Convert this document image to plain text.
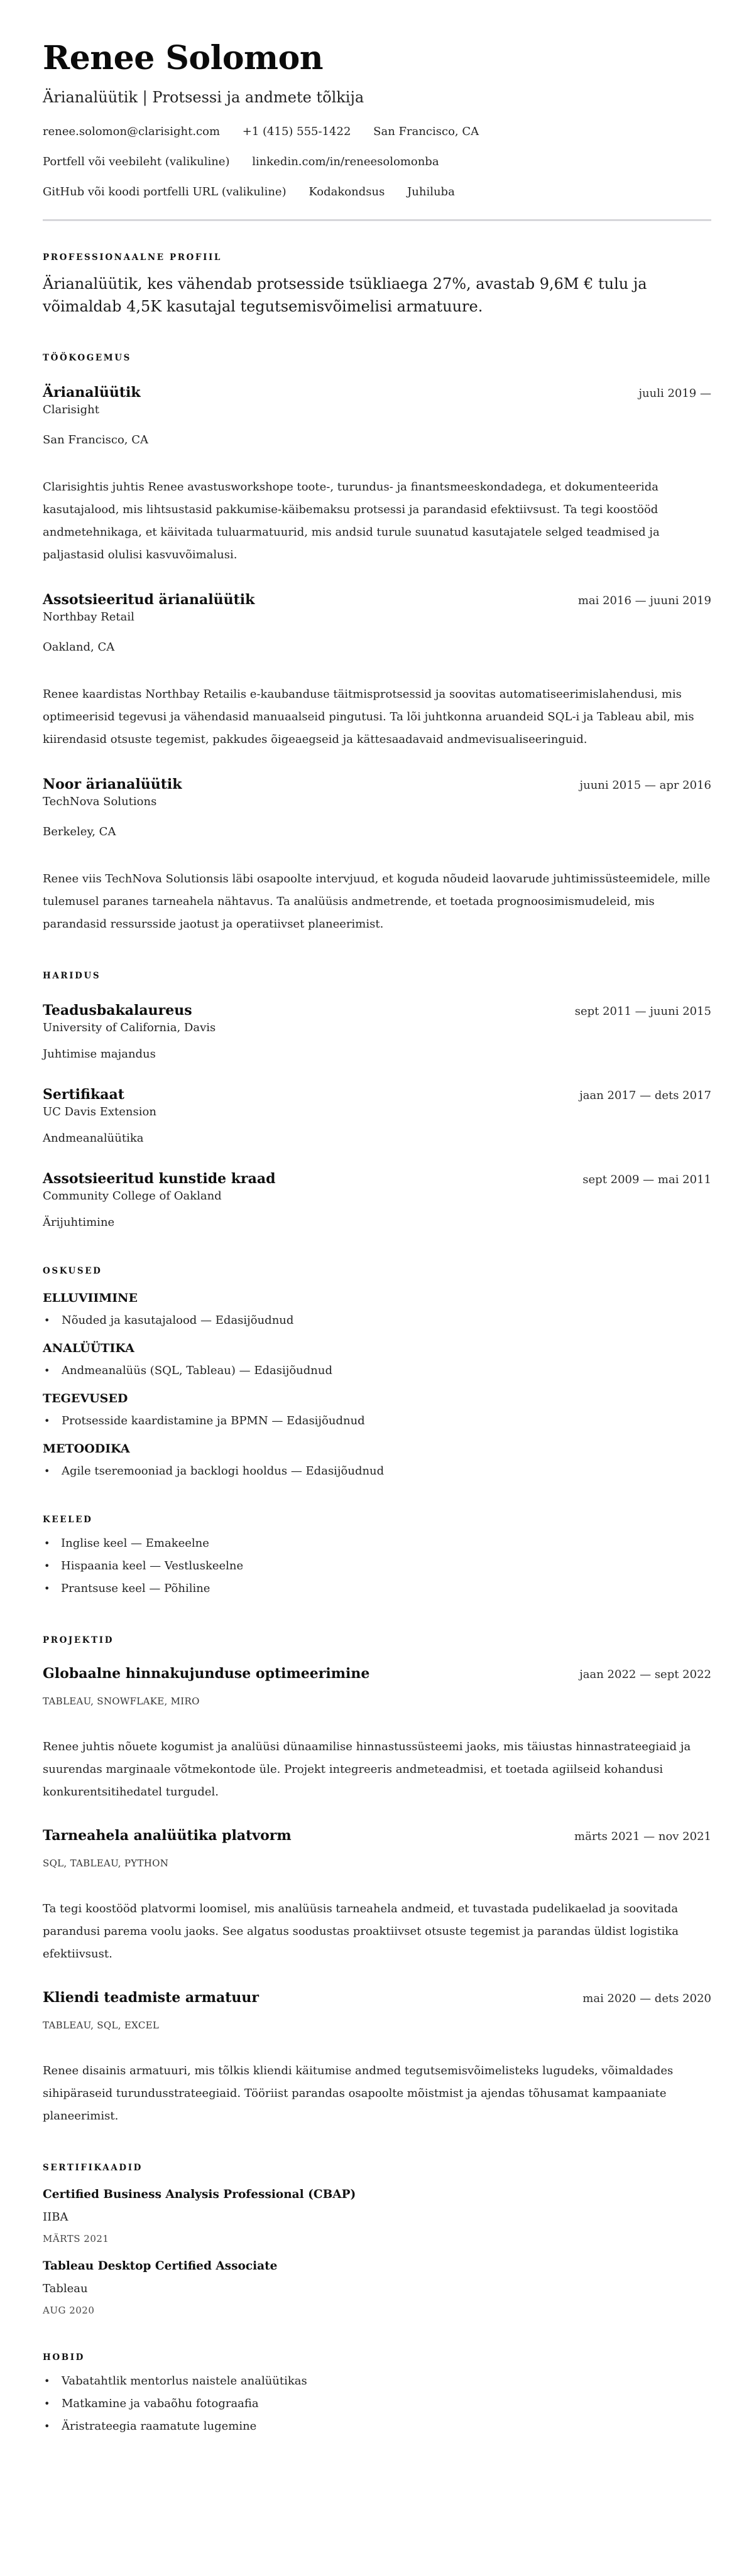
Renee Solomon
Ärianalüütik | Protsessi ja andmete tõlkija
renee.solomon@clarisight.com +1 (415) 555-1422 San Francisco, CA
Portfell või veebileht (valikuline) linkedin.com/in/reneesolomonba
GitHub või koodi portfelli URL (valikuline) Kodakondsus Juhiluba
PROFESSIONAALNE PROFIIL

Ärianalüütik, kes vähendab protsesside tsükliaega 27%, avastab 9,6M € tulu ja võimaldab 4,5K kasutajal tegutsemisvõimelisi armatuure.

TÖÖKOGEMUS
Ärianalüütik	juuli 2019 —
Clarisight
San Francisco, CA

Clarisightis juhtis Renee avastusworkshope toote-, turundus- ja finantsmeeskondadega, et dokumenteerida kasutajalood, mis lihtsustasid pakkumise-käibemaksu protsessi ja parandasid efektiivsust. Ta tegi koostööd andmetehnikaga, et käivitada tuluarmatuurid, mis andsid turule suunatud kasutajatele selged teadmised ja paljastasid olulisi kasvuvõimalusi.

Assotsieeritud ärianalüütik	mai 2016 — juuni 2019
Northbay Retail
Oakland, CA

Renee kaardistas Northbay Retailis e-kaubanduse täitmisprotsessid ja soovitas automatiseerimislahendusi, mis optimeerisid tegevusi ja vähendasid manuaalseid pingutusi. Ta lõi juhtkonna aruandeid SQL-i ja Tableau abil, mis kiirendasid otsuste tegemist, pakkudes õigeaegseid ja kättesaadavaid andmevisualiseeringuid.

Noor ärianalüütik	juuni 2015 — apr 2016
TechNova Solutions
Berkeley, CA

Renee viis TechNova Solutionsis läbi osapoolte intervjuud, et koguda nõudeid laovarude juhtimissüsteemidele, mille tulemusel paranes tarneahela nähtavus. Ta analüüsis andmetrende, et toetada prognoosimismudeleid, mis parandasid ressursside jaotust ja operatiivset planeerimist.

HARIDUS
Teadusbakalaureus	sept 2011 — juuni 2015
University of California, Davis
Juhtimise majandus
Sertifikaat	jaan 2017 — dets 2017
UC Davis Extension
Andmeanalüütika
Assotsieeritud kunstide kraad	sept 2009 — mai 2011
Community College of Oakland
Ärijuhtimine
OSKUSED
ELLUVIIMINE
• Nõuded ja kasutajalood — Edasijõudnud
ANALÜÜTIKA
• Andmeanalüüs (SQL, Tableau) — Edasijõudnud
TEGEVUSED
• Protsesside kaardistamine ja BPMN — Edasijõudnud
METOODIKA
• Agile tseremooniad ja backlogi hooldus — Edasijõudnud
KEELED
• Inglise keel — Emakeelne
• Hispaania keel — Vestluskeelne
• Prantsuse keel — Põhiline
PROJEKTID
Globaalne hinnakujunduse optimeerimine	jaan 2022 — sept 2022
TABLEAU, SNOWFLAKE, MIRO

Renee juhtis nõuete kogumist ja analüüsi dünaamilise hinnastussüsteemi jaoks, mis täiustas hinnastrateegiaid ja suurendas marginaale võtmekontode üle. Projekt integreeris andmeteadmisi, et toetada agiilseid kohandusi konkurentsitihedatel turgudel.

Tarneahela analüütika platvorm	märts 2021 — nov 2021
SQL, TABLEAU, PYTHON

Ta tegi koostööd platvormi loomisel, mis analüüsis tarneahela andmeid, et tuvastada pudelikaelad ja soovitada parandusi parema voolu jaoks. See algatus soodustas proaktiivset otsuste tegemist ja parandas üldist logistika efektiivsust.

Kliendi teadmiste armatuur	mai 2020 — dets 2020
TABLEAU, SQL, EXCEL

Renee disainis armatuuri, mis tõlkis kliendi käitumise andmed tegutsemisvõimelisteks lugudeks, võimaldades sihipäraseid turundusstrateegiaid. Tööriist parandas osapoolte mõistmist ja ajendas tõhusamat kampaaniate planeerimist.

SERTIFIKAADID
Certified Business Analysis Professional (CBAP)
IIBA
MÄRTS 2021
Tableau Desktop Certified Associate
Tableau
AUG 2020
HOBID
• Vabatahtlik mentorlus naistele analüütikas
• Matkamine ja vabaõhu fotograafia
• Äristrateegia raamatute lugemine
